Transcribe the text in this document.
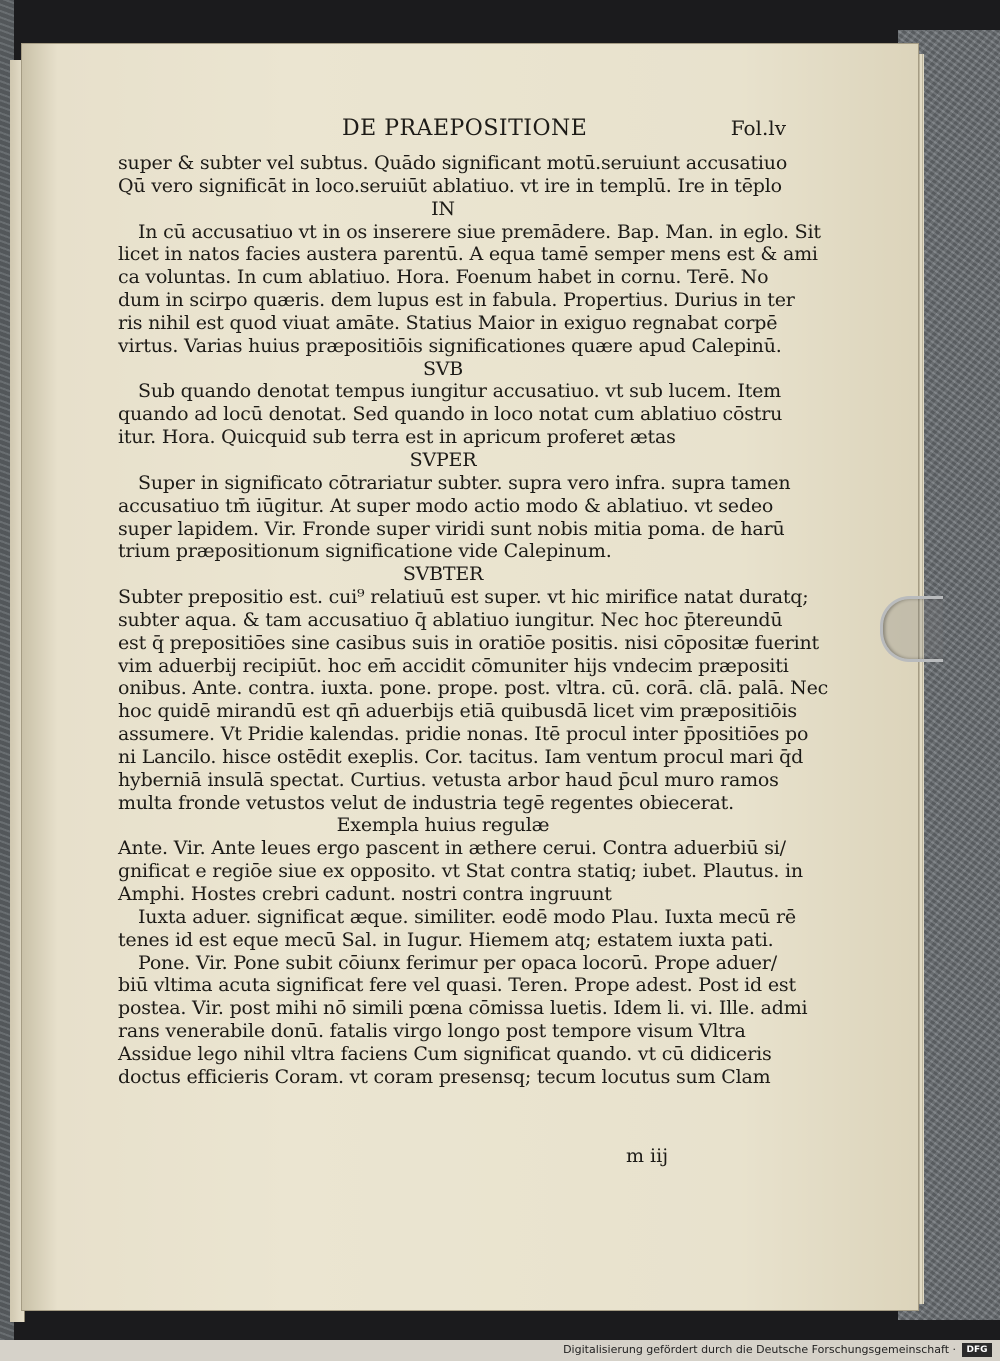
DE PRAEPOSITIONE	Fol.lv
super & subter vel subtus. Quādo significant motū.seruiunt accusatiuo
Qū vero significāt in loco.seruiūt ablatiuo. vt ire in templū. Ire in tēplo
IN
In cū accusatiuo vt in os inserere siue premādere. Bap. Man. in eglo. Sit
licet in natos facies austera parentū. A equa tamē semper mens est & ami
ca voluntas. In cum ablatiuo. Hora. Foenum habet in cornu. Terē. No
dum in scirpo quæris. dem lupus est in fabula. Propertius. Durius in ter
ris nihil est quod viuat amāte. Statius Maior in exiguo regnabat corpē
virtus. Varias huius præpositiōis significationes quære apud Calepinū.
SVB
Sub quando denotat tempus iungitur accusatiuo. vt sub lucem. Item
quando ad locū denotat. Sed quando in loco notat cum ablatiuo cōstru
itur. Hora. Quicquid sub terra est in apricum proferet ætas
SVPER
Super in significato cōtrariatur subter. supra vero infra. supra tamen
accusatiuo tm̄ iūgitur. At super modo actio modo & ablatiuo. vt sedeo
super lapidem. Vir. Fronde super viridi sunt nobis mitia poma. de harū
trium præpositionum significatione vide Calepinum.
SVBTER
Subter prepositio est. cui⁹ relatiuū est super. vt hic mirifice natat duratq;
subter aqua. & tam accusatiuo q̄ ablatiuo iungitur. Nec hoc p̄tereundū
est q̄ prepositiōes sine casibus suis in oratiōe positis. nisi cōpositæ fuerint
vim aduerbij recipiūt. hoc em̄ accidit cōmuniter hijs vndecim præpositi
onibus. Ante. contra. iuxta. pone. prope. post. vltra. cū. corā. clā. palā. Nec
hoc quidē mirandū est qn̄ aduerbijs etiā quibusdā licet vim præpositiōis
assumere. Vt Pridie kalendas. pridie nonas. Itē procul inter p̄positiōes po
ni Lancilo. hisce ostēdit exeplis. Cor. tacitus. Iam ventum procul mari q̄d
hyberniā insulā spectat. Curtius. vetusta arbor haud p̄cul muro ramos
multa fronde vetustos velut de industria tegē regentes obiecerat.
Exempla huius regulæ
Ante. Vir. Ante leues ergo pascent in æthere cerui. Contra aduerbiū si/
gnificat e regiōe siue ex opposito. vt Stat contra statiq; iubet. Plautus. in
Amphi. Hostes crebri cadunt. nostri contra ingruunt
Iuxta aduer. significat æque. similiter. eodē modo Plau. Iuxta mecū rē
tenes id est eque mecū Sal. in Iugur. Hiemem atq; estatem iuxta pati.
Pone. Vir. Pone subit cōiunx ferimur per opaca locorū. Prope aduer/
biū vltima acuta significat fere vel quasi. Teren. Prope adest. Post id est
postea. Vir. post mihi nō simili pœna cōmissa luetis. Idem li. vi. Ille. admi
rans venerabile donū. fatalis virgo longo post tempore visum Vltra
Assidue lego nihil vltra faciens Cum significat quando. vt cū didiceris
doctus efficieris Coram. vt coram presensq; tecum locutus sum Clam
m iij
Digitalisierung gefördert durch die Deutsche Forschungsgemeinschaft ·	DFG
